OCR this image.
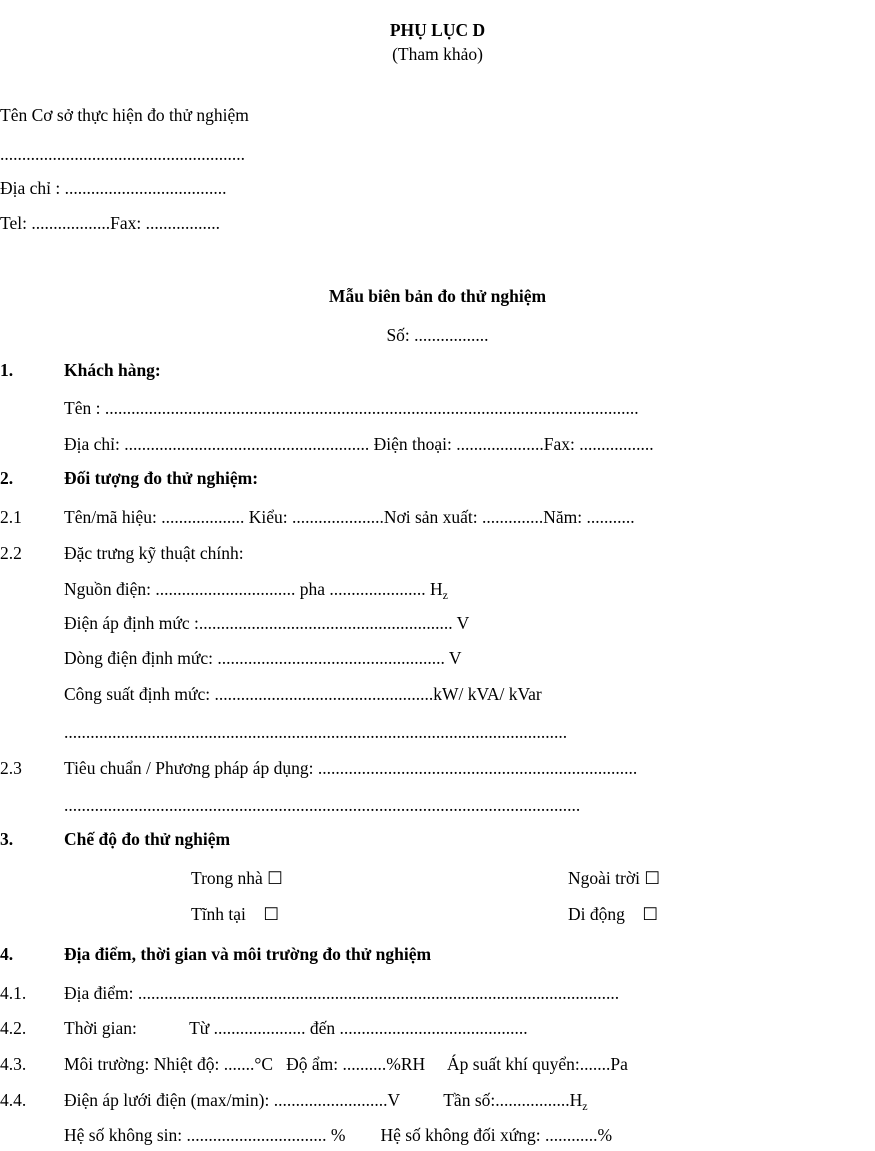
PHỤ LỤC D
(Tham khảo)
Tên Cơ sở thực hiện đo thử nghiệm
........................................................
Địa chỉ : .....................................
Tel: ..................Fax: .................
Mẫu biên bản đo thử nghiệm
Số: .................
1.	Khách hàng:
Tên : ..........................................................................................................................
Địa chỉ: ........................................................ Điện thoại: ....................Fax: .................
2.	Đối tượng đo thử nghiệm:
2.1 Tên/mã hiệu: ................... Kiểu: .....................Nơi sản xuất: ..............Năm: ...........
2.2 Đặc trưng kỹ thuật chính:
Nguồn điện: ................................ pha ...................... $H_z$
Điện áp định mức :.......................................................... V
Dòng điện định mức: .................................................... V
Công suất định mức: ..................................................kW/ kVA/ kVar
...................................................................................................................
2.3 Tiêu chuẩn / Phương pháp áp dụng: .........................................................................
......................................................................................................................
3.	Chế độ đo thử nghiệm
Trong nhà ☐	Ngoài trời ☐
Tĩnh tại    ☐	Di động    ☐
4.	Địa điểm, thời gian và môi trường đo thử nghiệm
4.1. Địa điểm: ..............................................................................................................
4.2. Thời gian:            Từ ..................... đến ...........................................
4.3. Môi trường: Nhiệt độ: .......°C   Độ ẩm: ..........%RH     Áp suất khí quyển:.......Pa
4.4. Điện áp lưới điện (max/min): ..........................V          Tần $số:.................H_z$
Hệ số không sin: ................................ %        Hệ số không đối xứng: ............%
